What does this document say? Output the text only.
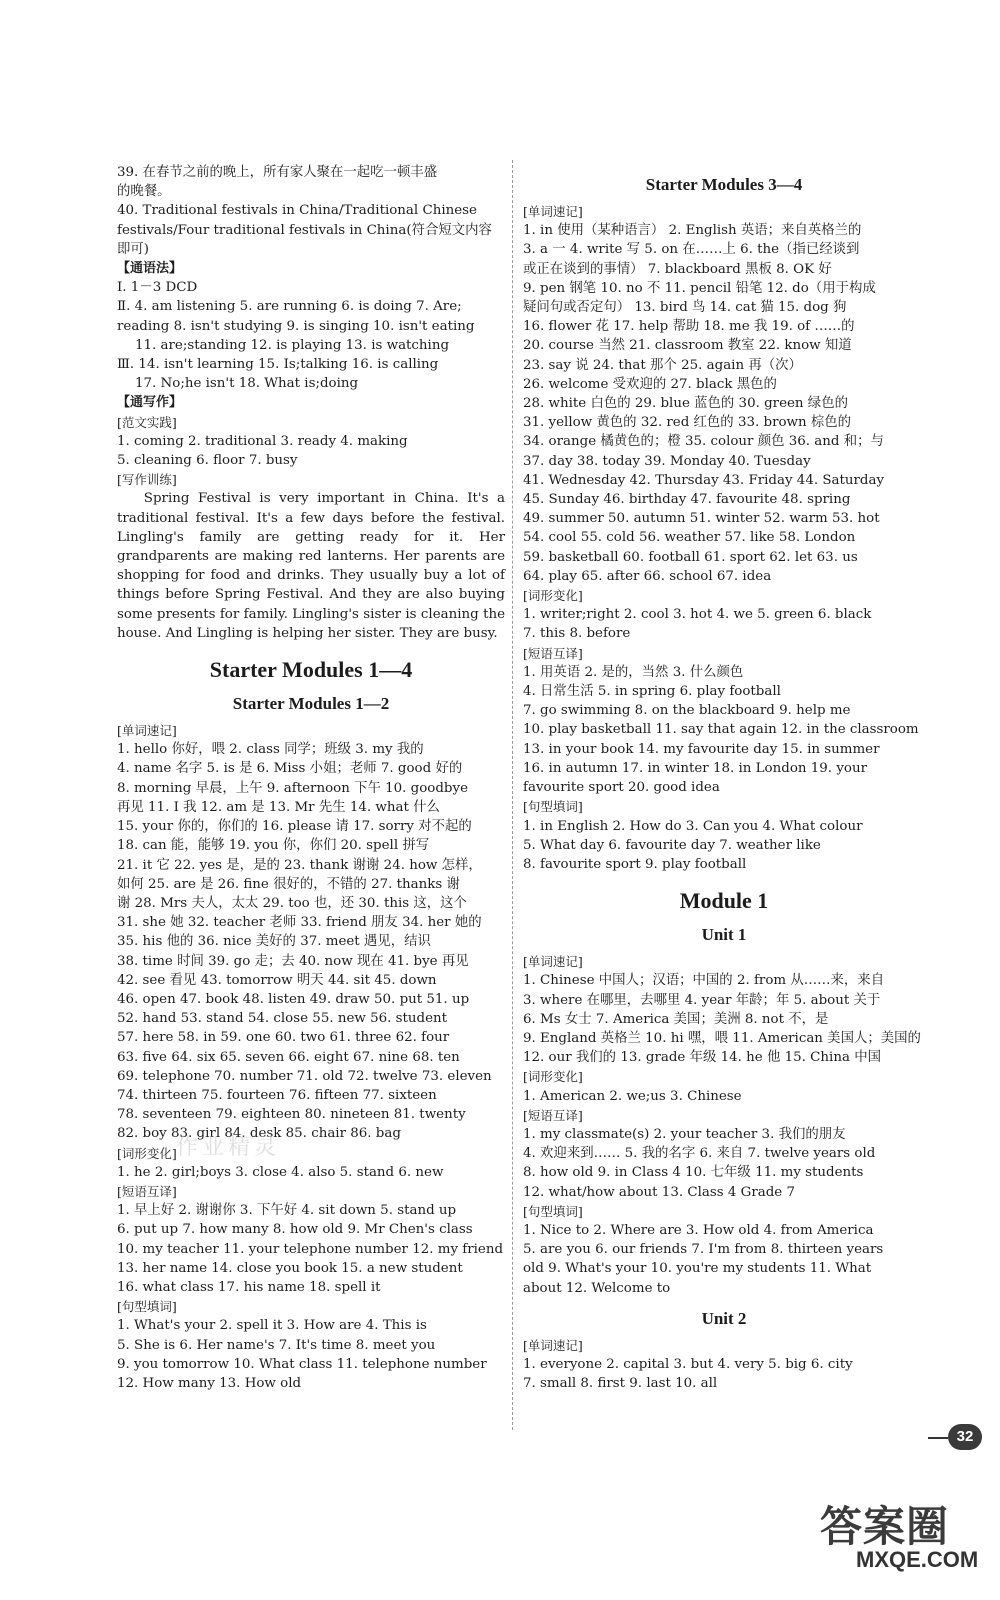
39. 在春节之前的晚上，所有家人聚在一起吃一顿丰盛
的晚餐。
40. Traditional festivals in China/Traditional Chinese
festivals/Four traditional festivals in China(符合短文内容
即可)
【通语法】
Ⅰ. 1－3 DCD
Ⅱ. 4. am listening 5. are running 6. is doing 7. Are;
reading 8. isn't studying 9. is singing 10. isn't eating
11. are;standing 12. is playing 13. is watching
Ⅲ. 14. isn't learning 15. Is;talking 16. is calling
17. No;he isn't 18. What is;doing
【通写作】
[范文实践]
1. coming 2. traditional 3. ready 4. making
5. cleaning 6. floor 7. busy
[写作训练]
Spring Festival is very important in China. It's a traditional festival. It's a few days before the festival. Lingling's family are getting ready for it. Her grandparents are making red lanterns. Her parents are shopping for food and drinks. They usually buy a lot of things before Spring Festival. And they are also buying some presents for family. Lingling's sister is cleaning the house. And Lingling is helping her sister. They are busy.
Starter Modules 1—4
Starter Modules 1—2
[单词速记]
1. hello 你好，喂 2. class 同学；班级 3. my 我的
4. name 名字 5. is 是 6. Miss 小姐；老师 7. good 好的
8. morning 早晨，上午 9. afternoon 下午 10. goodbye
再见 11. I 我 12. am 是 13. Mr 先生 14. what 什么
15. your 你的，你们的 16. please 请 17. sorry 对不起的
18. can 能，能够 19. you 你，你们 20. spell 拼写
21. it 它 22. yes 是，是的 23. thank 谢谢 24. how 怎样，
如何 25. are 是 26. fine 很好的，不错的 27. thanks 谢
谢 28. Mrs 夫人，太太 29. too 也，还 30. this 这，这个
31. she 她 32. teacher 老师 33. friend 朋友 34. her 她的
35. his 他的 36. nice 美好的 37. meet 遇见，结识
38. time 时间 39. go 走；去 40. now 现在 41. bye 再见
42. see 看见 43. tomorrow 明天 44. sit 45. down
46. open 47. book 48. listen 49. draw 50. put 51. up
52. hand 53. stand 54. close 55. new 56. student
57. here 58. in 59. one 60. two 61. three 62. four
63. five 64. six 65. seven 66. eight 67. nine 68. ten
69. telephone 70. number 71. old 72. twelve 73. eleven
74. thirteen 75. fourteen 76. fifteen 77. sixteen
78. seventeen 79. eighteen 80. nineteen 81. twenty
82. boy 83. girl 84. desk 85. chair 86. bag
[词形变化]
1. he 2. girl;boys 3. close 4. also 5. stand 6. new
[短语互译]
1. 早上好 2. 谢谢你 3. 下午好 4. sit down 5. stand up
6. put up 7. how many 8. how old 9. Mr Chen's class
10. my teacher 11. your telephone number 12. my friend
13. her name 14. close you book 15. a new student
16. what class 17. his name 18. spell it
[句型填词]
1. What's your 2. spell it 3. How are 4. This is
5. She is 6. Her name's 7. It's time 8. meet you
9. you tomorrow 10. What class 11. telephone number
12. How many 13. How old
Starter Modules 3—4
[单词速记]
1. in 使用（某种语言） 2. English 英语；来自英格兰的
3. a 一 4. write 写 5. on 在……上 6. the（指已经谈到
或正在谈到的事情） 7. blackboard 黑板 8. OK 好
9. pen 钢笔 10. no 不 11. pencil 铅笔 12. do（用于构成
疑问句或否定句） 13. bird 鸟 14. cat 猫 15. dog 狗
16. flower 花 17. help 帮助 18. me 我 19. of ……的
20. course 当然 21. classroom 教室 22. know 知道
23. say 说 24. that 那个 25. again 再（次）
26. welcome 受欢迎的 27. black 黑色的
28. white 白色的 29. blue 蓝色的 30. green 绿色的
31. yellow 黄色的 32. red 红色的 33. brown 棕色的
34. orange 橘黄色的；橙 35. colour 颜色 36. and 和；与
37. day 38. today 39. Monday 40. Tuesday
41. Wednesday 42. Thursday 43. Friday 44. Saturday
45. Sunday 46. birthday 47. favourite 48. spring
49. summer 50. autumn 51. winter 52. warm 53. hot
54. cool 55. cold 56. weather 57. like 58. London
59. basketball 60. football 61. sport 62. let 63. us
64. play 65. after 66. school 67. idea
[词形变化]
1. writer;right 2. cool 3. hot 4. we 5. green 6. black
7. this 8. before
[短语互译]
1. 用英语 2. 是的，当然 3. 什么颜色
4. 日常生活 5. in spring 6. play football
7. go swimming 8. on the blackboard 9. help me
10. play basketball 11. say that again 12. in the classroom
13. in your book 14. my favourite day 15. in summer
16. in autumn 17. in winter 18. in London 19. your
favourite sport 20. good idea
[句型填词]
1. in English 2. How do 3. Can you 4. What colour
5. What day 6. favourite day 7. weather like
8. favourite sport 9. play football
Module 1
Unit 1
[单词速记]
1. Chinese 中国人；汉语；中国的 2. from 从……来，来自
3. where 在哪里，去哪里 4. year 年龄；年 5. about 关于
6. Ms 女士 7. America 美国；美洲 8. not 不，是
9. England 英格兰 10. hi 嘿，喂 11. American 美国人；美国的
12. our 我们的 13. grade 年级 14. he 他 15. China 中国
[词形变化]
1. American 2. we;us 3. Chinese
[短语互译]
1. my classmate(s) 2. your teacher 3. 我们的朋友
4. 欢迎来到…… 5. 我的名字 6. 来自 7. twelve years old
8. how old 9. in Class 4 10. 七年级 11. my students
12. what/how about 13. Class 4 Grade 7
[句型填词]
1. Nice to 2. Where are 3. How old 4. from America
5. are you 6. our friends 7. I'm from 8. thirteen years
old 9. What's your 10. you're my students 11. What
about 12. Welcome to
Unit 2
[单词速记]
1. everyone 2. capital 3. but 4. very 5. big 6. city
7. small 8. first 9. last 10. all
32
作业精灵
答案圈
MXQE.COM
